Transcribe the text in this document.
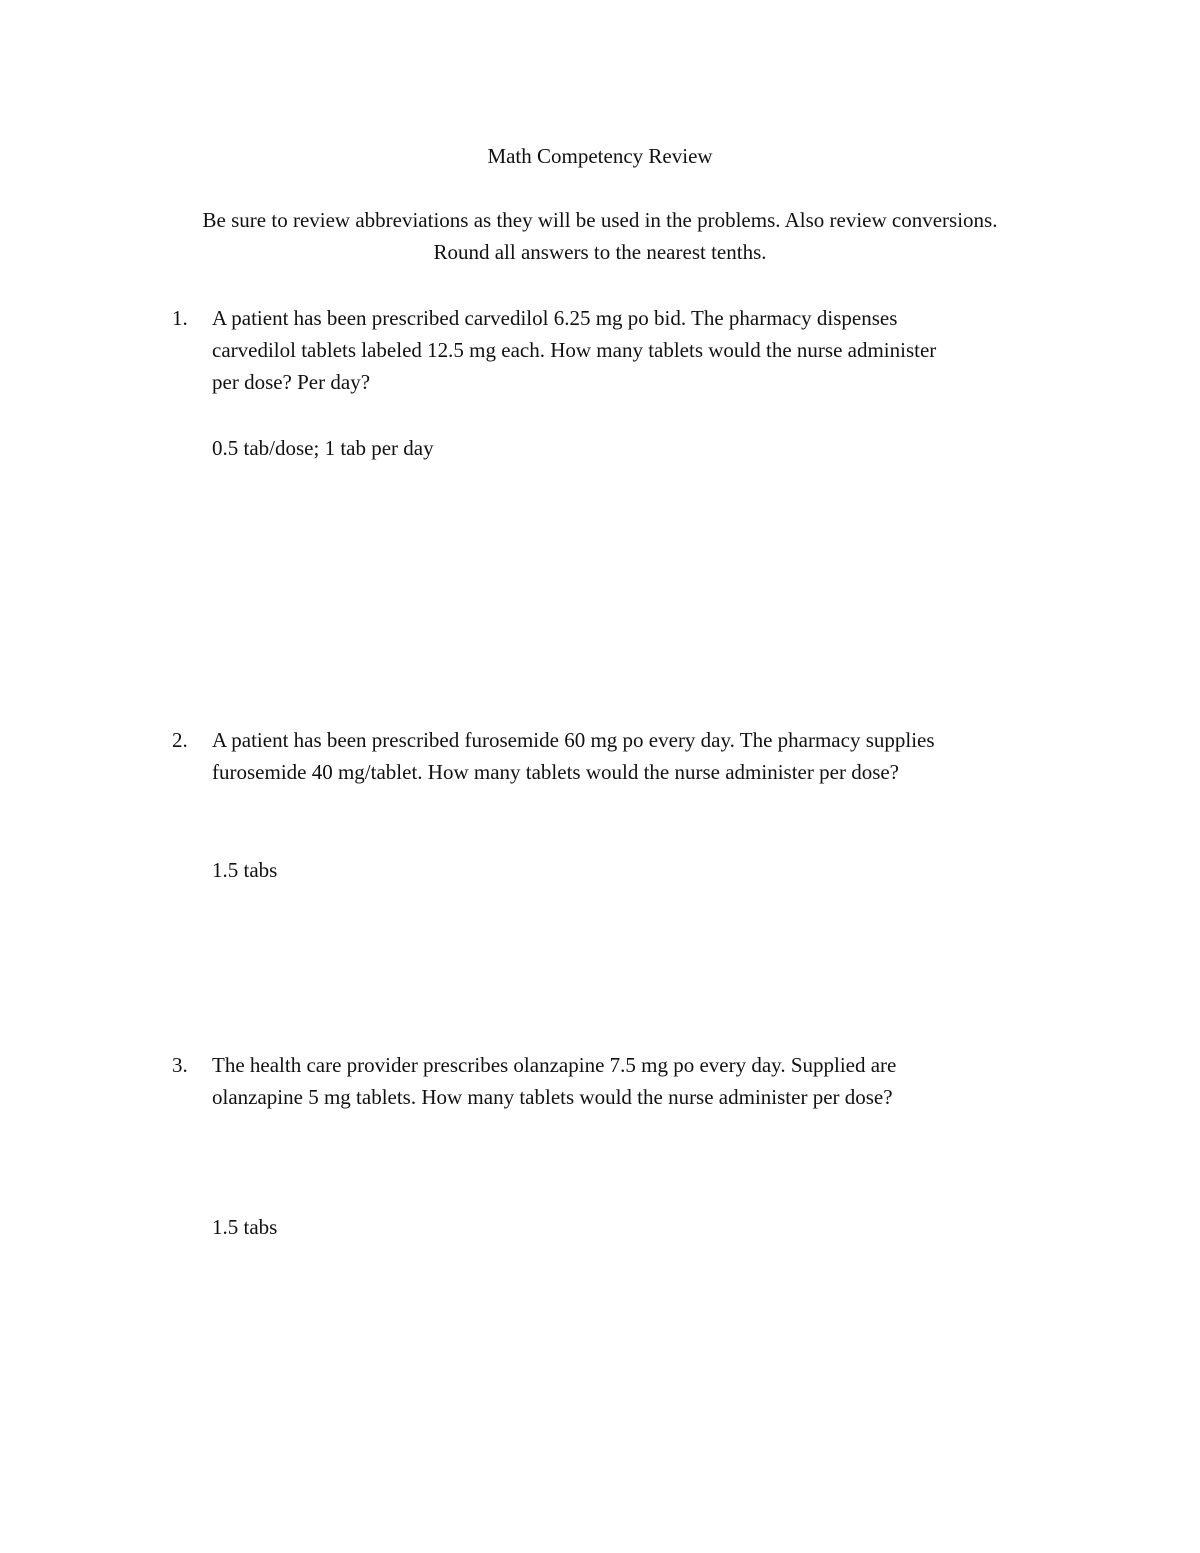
Math Competency Review
Be sure to review abbreviations as they will be used in the problems. Also review conversions.
Round all answers to the nearest tenths.
1.	A patient has been prescribed carvedilol 6.25 mg po bid. The pharmacy dispenses
carvedilol tablets labeled 12.5 mg each. How many tablets would the nurse administer
per dose? Per day?
0.5 tab/dose; 1 tab per day
2.	A patient has been prescribed furosemide 60 mg po every day. The pharmacy supplies
furosemide 40 mg/tablet. How many tablets would the nurse administer per dose?
1.5 tabs
3.	The health care provider prescribes olanzapine 7.5 mg po every day. Supplied are
olanzapine 5 mg tablets. How many tablets would the nurse administer per dose?
1.5 tabs
